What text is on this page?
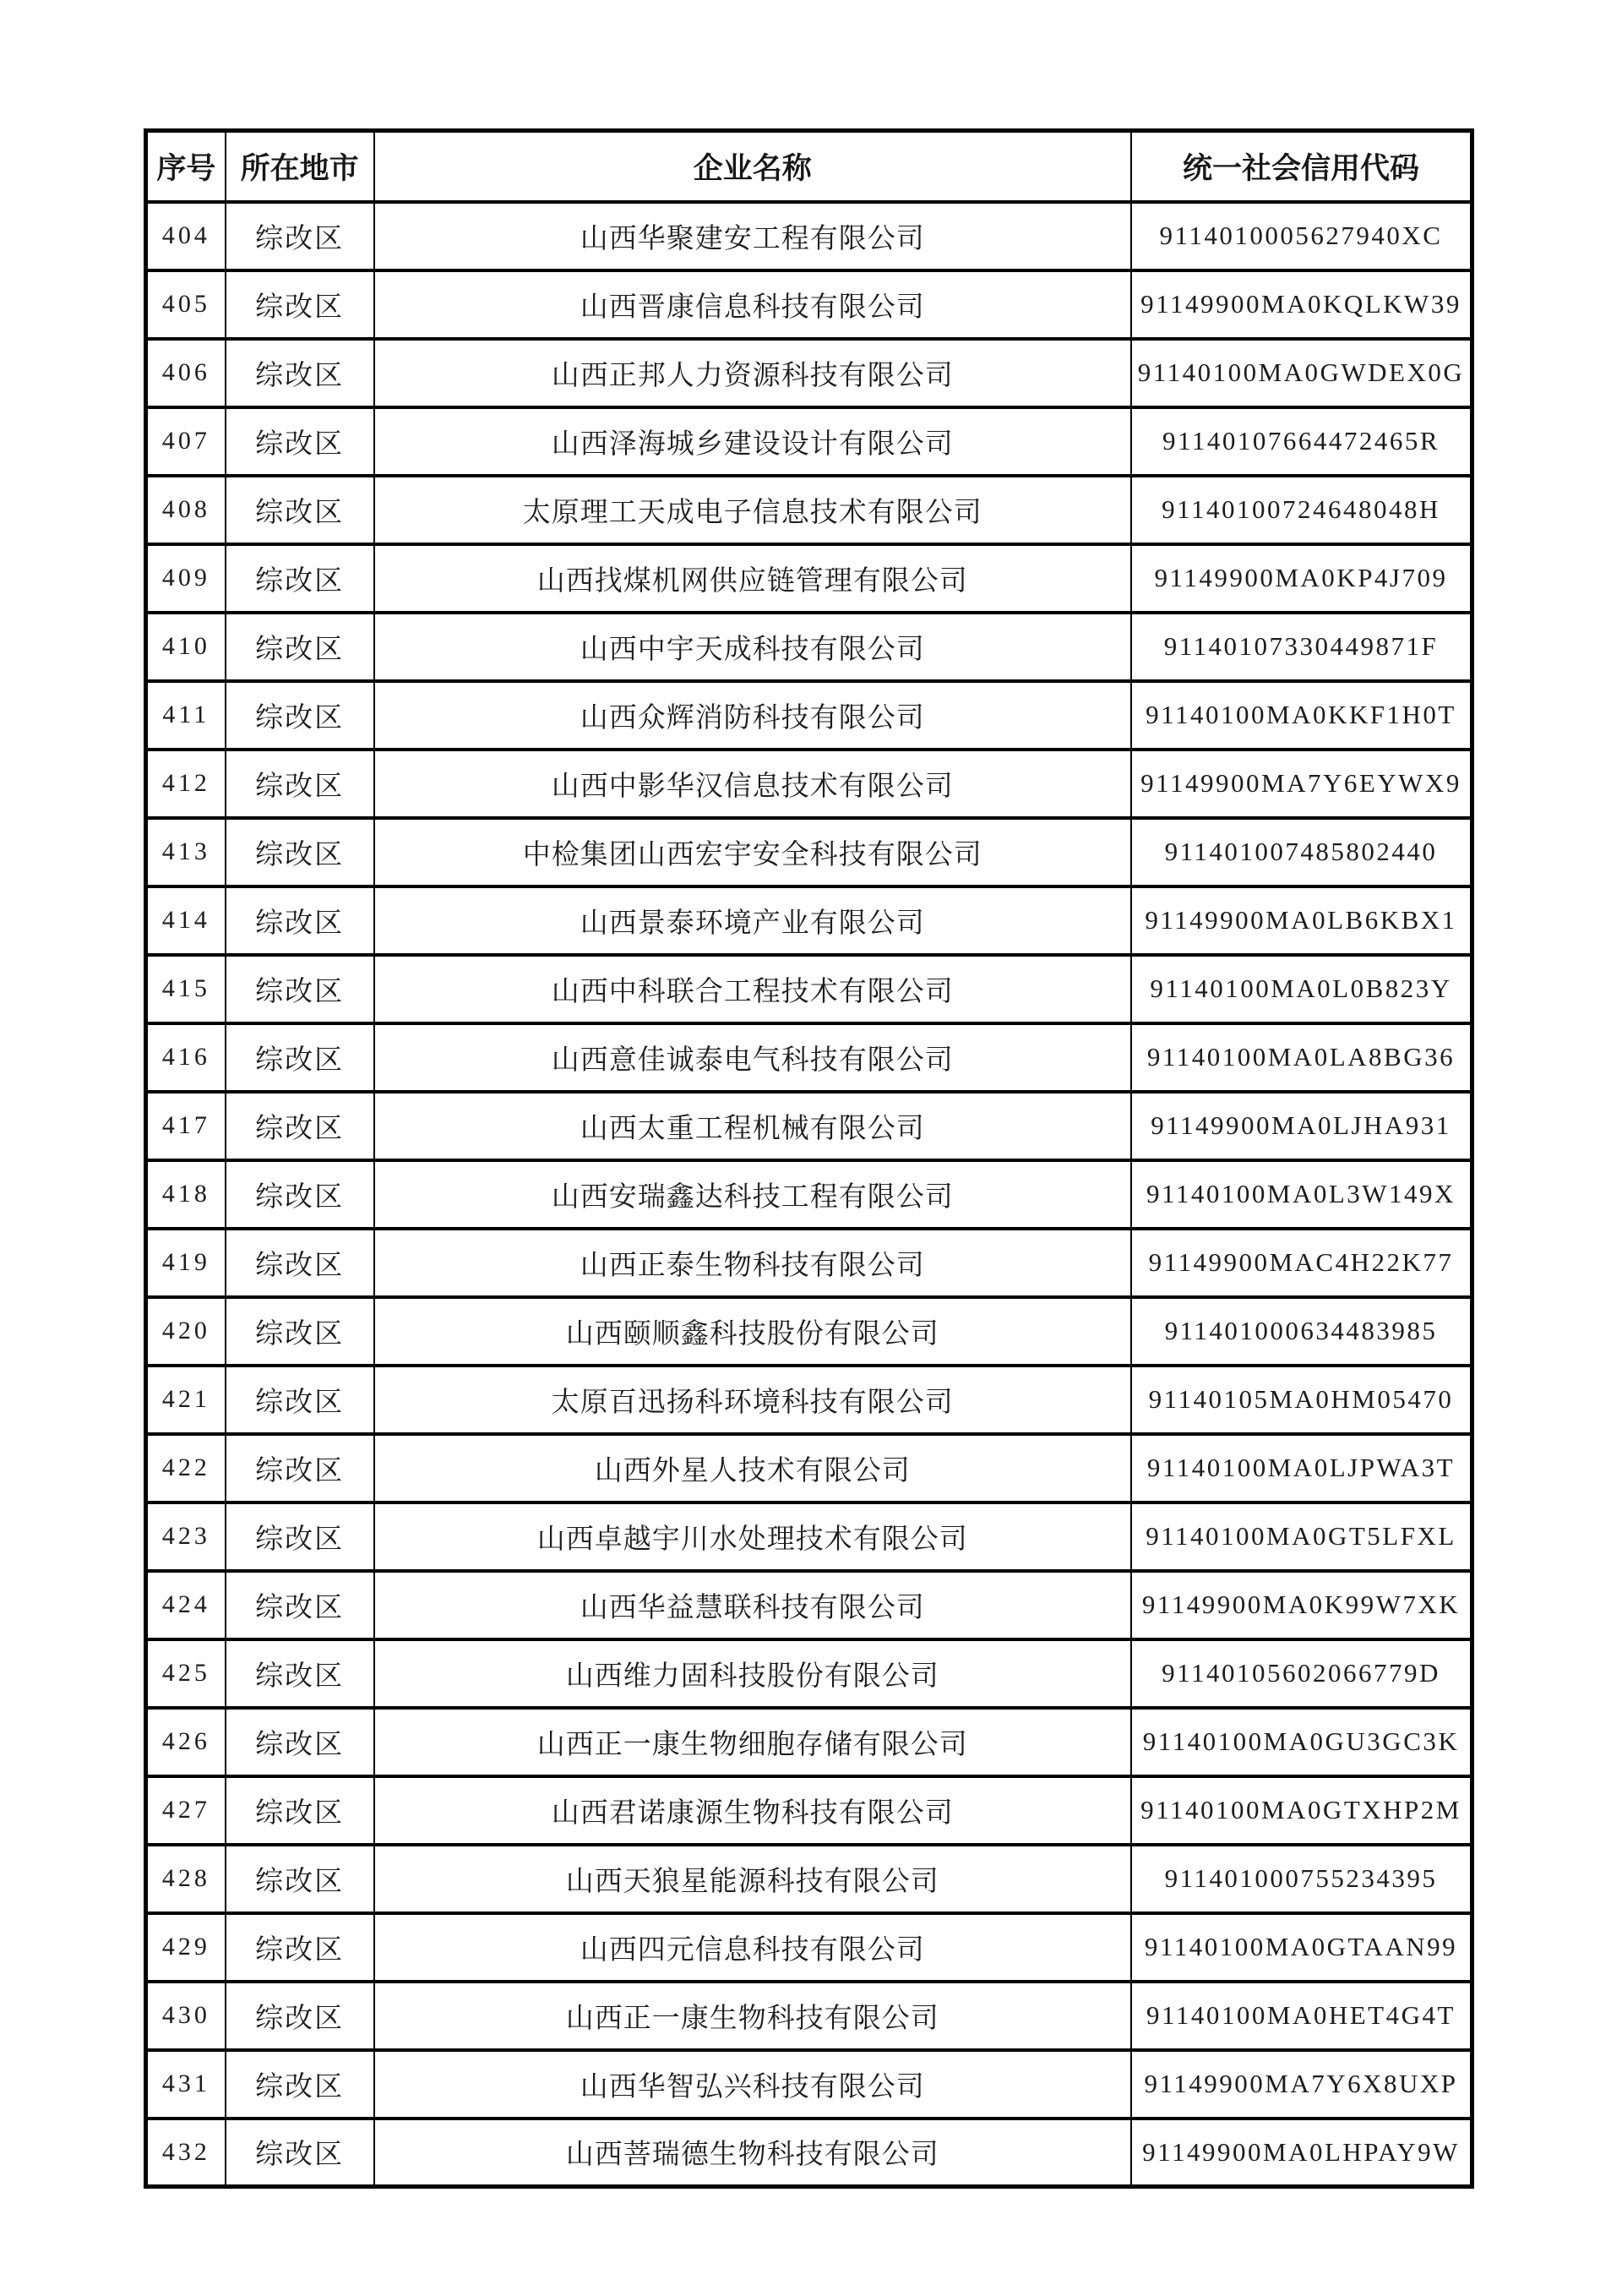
序号	所在地市	企业名称	统一社会信用代码
404	综改区	山西华聚建安工程有限公司	9114010005627940XC
405	综改区	山西晋康信息科技有限公司	91149900MA0KQLKW39
406	综改区	山西正邦人力资源科技有限公司	91140100MA0GWDEX0G
407	综改区	山西泽海城乡建设设计有限公司	91140107664472465R
408	综改区	太原理工天成电子信息技术有限公司	91140100724648048H
409	综改区	山西找煤机网供应链管理有限公司	91149900MA0KP4J709
410	综改区	山西中宇天成科技有限公司	91140107330449871F
411	综改区	山西众辉消防科技有限公司	91140100MA0KKF1H0T
412	综改区	山西中影华汉信息技术有限公司	91149900MA7Y6EYWX9
413	综改区	中检集团山西宏宇安全科技有限公司	911401007485802440
414	综改区	山西景泰环境产业有限公司	91149900MA0LB6KBX1
415	综改区	山西中科联合工程技术有限公司	91140100MA0L0B823Y
416	综改区	山西意佳诚泰电气科技有限公司	91140100MA0LA8BG36
417	综改区	山西太重工程机械有限公司	91149900MA0LJHA931
418	综改区	山西安瑞鑫达科技工程有限公司	91140100MA0L3W149X
419	综改区	山西正泰生物科技有限公司	91149900MAC4H22K77
420	综改区	山西颐顺鑫科技股份有限公司	911401000634483985
421	综改区	太原百迅扬科环境科技有限公司	91140105MA0HM05470
422	综改区	山西外星人技术有限公司	91140100MA0LJPWA3T
423	综改区	山西卓越宇川水处理技术有限公司	91140100MA0GT5LFXL
424	综改区	山西华益慧联科技有限公司	91149900MA0K99W7XK
425	综改区	山西维力固科技股份有限公司	91140105602066779D
426	综改区	山西正一康生物细胞存储有限公司	91140100MA0GU3GC3K
427	综改区	山西君诺康源生物科技有限公司	91140100MA0GTXHP2M
428	综改区	山西天狼星能源科技有限公司	911401000755234395
429	综改区	山西四元信息科技有限公司	91140100MA0GTAAN99
430	综改区	山西正一康生物科技有限公司	91140100MA0HET4G4T
431	综改区	山西华智弘兴科技有限公司	91149900MA7Y6X8UXP
432	综改区	山西菩瑞德生物科技有限公司	91149900MA0LHPAY9W
